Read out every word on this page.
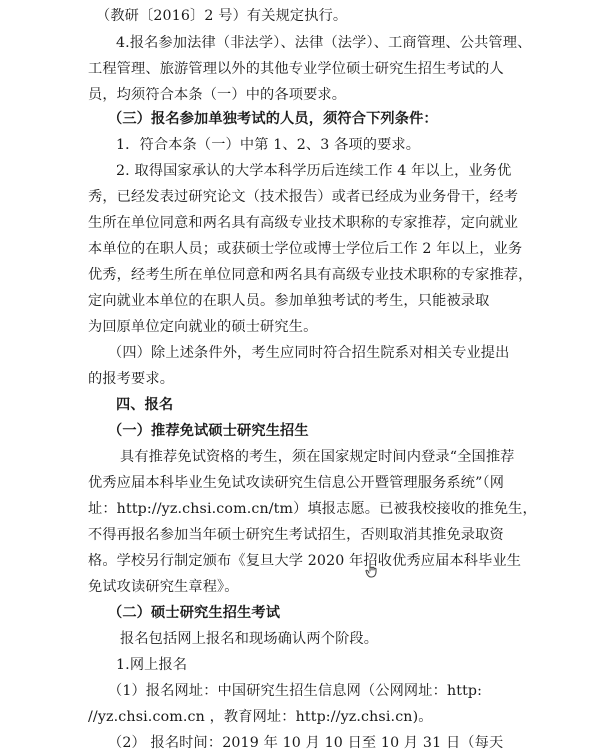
（教研〔2016〕2 号）有关规定执行。
4.报名参加法律（非法学）、法律（法学）、工商管理、公共管理、
工程管理、旅游管理以外的其他专业学位硕士研究生招生考试的人
员，均须符合本条（一）中的各项要求。
（三）报名参加单独考试的人员，须符合下列条件：
1．符合本条（一）中第 1、2、3 各项的要求。
2. 取得国家承认的大学本科学历后连续工作 4 年以上，业务优
秀，已经发表过研究论文（技术报告）或者已经成为业务骨干，经考
生所在单位同意和两名具有高级专业技术职称的专家推荐，定向就业
本单位的在职人员；或获硕士学位或博士学位后工作 2 年以上，业务
优秀，经考生所在单位同意和两名具有高级专业技术职称的专家推荐，
定向就业本单位的在职人员。参加单独考试的考生，只能被录取
为回原单位定向就业的硕士研究生。
（四）除上述条件外，考生应同时符合招生院系对相关专业提出
的报考要求。
四、报名
（一）推荐免试硕士研究生招生
具有推荐免试资格的考生，须在国家规定时间内登录“全国推荐
优秀应届本科毕业生免试攻读研究生信息公开暨管理服务系统”（网
址：http://yz.chsi.com.cn/tm）填报志愿。已被我校接收的推免生，
不得再报名参加当年硕士研究生考试招生，否则取消其推免录取资
格。学校另行制定颁布《复旦大学 2020 年招收优秀应届本科毕业生
免试攻读研究生章程》。
（二）硕士研究生招生考试
报名包括网上报名和现场确认两个阶段。
1.网上报名
（1）报名网址：中国研究生招生信息网（公网网址：http:
//yz.chsi.com.cn ，教育网址：http://yz.chsi.cn)。
（2） 报名时间：2019 年 10 月 10 日至 10 月 31 日（每天
